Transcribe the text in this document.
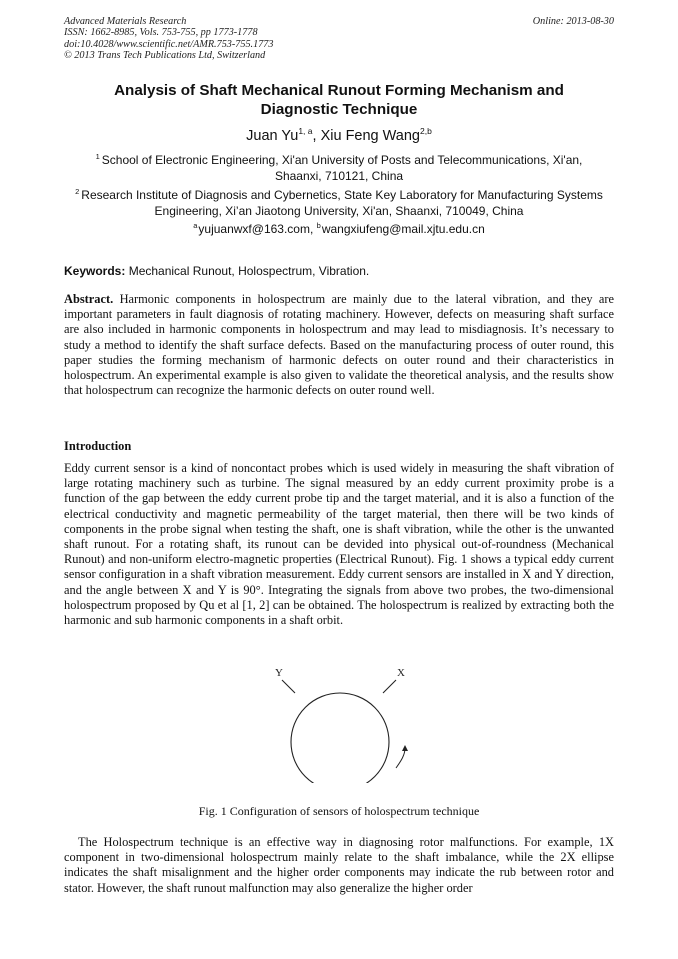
Advanced Materials Research
ISSN: 1662-8985, Vols. 753-755, pp 1773-1778
doi:10.4028/www.scientific.net/AMR.753-755.1773
© 2013 Trans Tech Publications Ltd, Switzerland
Online: 2013-08-30
Analysis of Shaft Mechanical Runout Forming Mechanism and
Diagnostic Technique
Juan Yu$^{1, a}$, Xiu Feng Wang$^{2,b}$
$^1$ School of Electronic Engineering, Xi'an University of Posts and Telecommunications, Xi'an,
Shaanxi, 710121, China
$^2$ Research Institute of Diagnosis and Cybernetics, State Key Laboratory for Manufacturing Systems
Engineering, Xi’an Jiaotong University, Xi'an, Shaanxi, 710049, China
$^a$yujuanwxf@163.com, $^b$wangxiufeng@mail.xjtu.edu.cn
Keywords: Mechanical Runout, Holospectrum, Vibration.
Abstract. Harmonic components in holospectrum are mainly due to the lateral vibration, and they are important parameters in fault diagnosis of rotating machinery. However, defects on measuring shaft surface are also included in harmonic components in holospectrum and may lead to misdiagnosis. It’s necessary to study a method to identify the shaft surface defects. Based on the manufacturing process of outer round, this paper studies the forming mechanism of harmonic defects on outer round and their characteristics in holospectrum. An experimental example is also given to validate the theoretical analysis, and the results show that holospectrum can recognize the harmonic defects on outer round well.
Introduction
Eddy current sensor is a kind of noncontact probes which is used widely in measuring the shaft vibration of large rotating machinery such as turbine. The signal measured by an eddy current proximity probe is a function of the gap between the eddy current probe tip and the target material, and it is also a function of the electrical conductivity and magnetic permeability of the target material, then there will be two kinds of components in the probe signal when testing the shaft, one is shaft vibration, while the other is the unwanted shaft runout. For a rotating shaft, its runout can be devided into physical out-of-roundness (Mechanical Runout) and non-uniform electro-magnetic properties (Electrical Runout). Fig. 1 shows a typical eddy current sensor configuration in a shaft vibration measurement. Eddy current sensors are installed in X and Y direction, and the angle between X and Y is 90°. Integrating the signals from above two probes, the two-dimensional holospectrum proposed by Qu et al [1, 2] can be obtained. The holospectrum is realized by extracting both the harmonic and sub harmonic components in a shaft orbit.
Y	X
Fig. 1 Configuration of sensors of holospectrum technique
The Holospectrum technique is an effective way in diagnosing rotor malfunctions. For example, 1X component in two-dimensional holospectrum mainly relate to the shaft imbalance, while the 2X ellipse indicates the shaft misalignment and the higher order components may indicate the rub between rotor and stator. However, the shaft runout malfunction may also generalize the higher order
